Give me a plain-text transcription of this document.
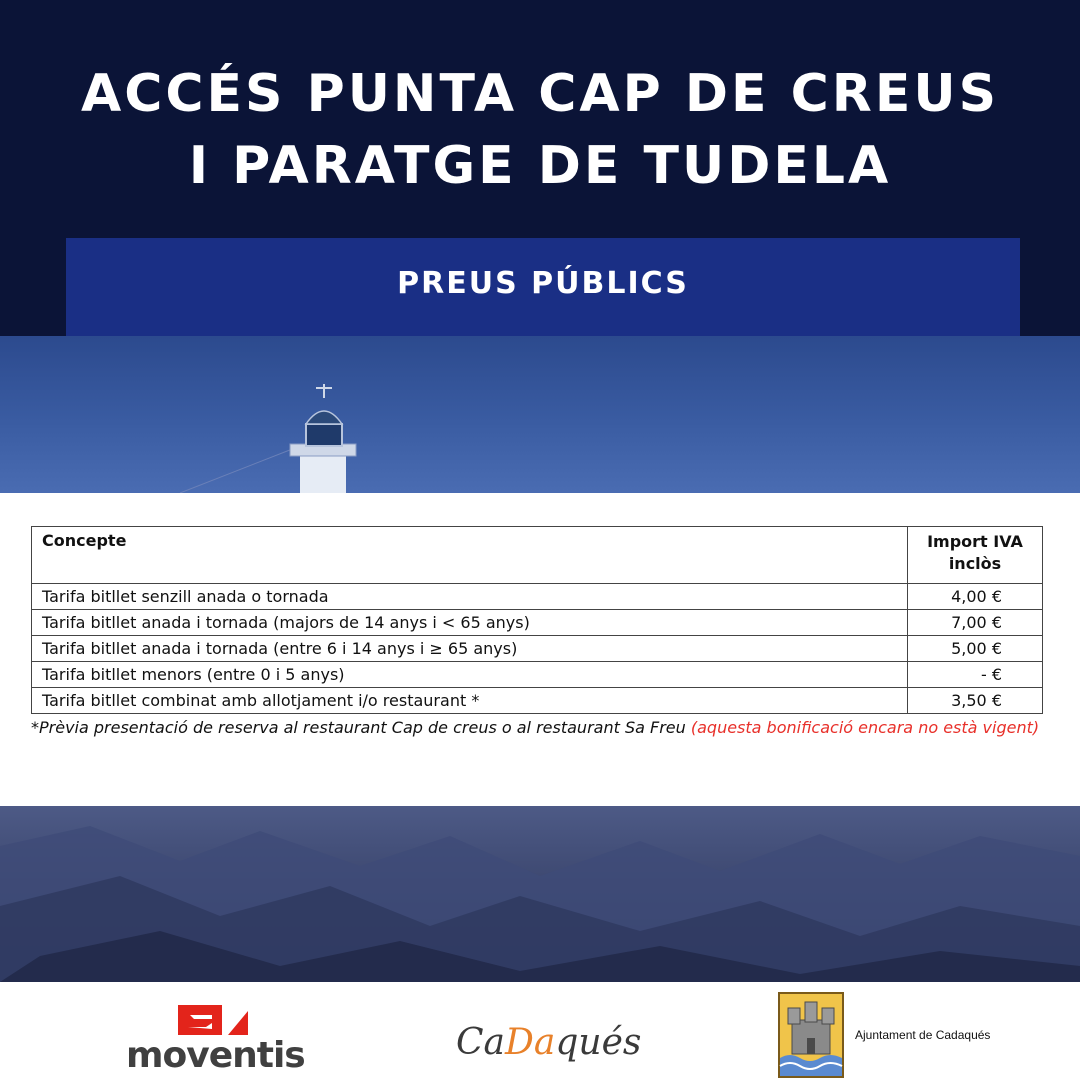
ACCÉS PUNTA CAP DE CREUS
I PARATGE DE TUDELA
PREUS PÚBLICS
Concepte	Import IVA
inclòs

Tarifa bitllet senzill anada o tornada	4,00 €
Tarifa bitllet anada i tornada (majors de 14 anys i < 65 anys)	7,00 €
Tarifa bitllet anada i tornada (entre 6 i 14 anys i ≥ 65 anys)	5,00 €
Tarifa bitllet menors (entre 0 i 5 anys)	- €
Tarifa bitllet combinat amb allotjament i/o restaurant *	3,50 €
*Prèvia presentació de reserva al restaurant Cap de creus o al restaurant Sa Freu (aquesta bonificació encara no està vigent)
moventis	CaDaqués	Ajuntament de Cadaqués
